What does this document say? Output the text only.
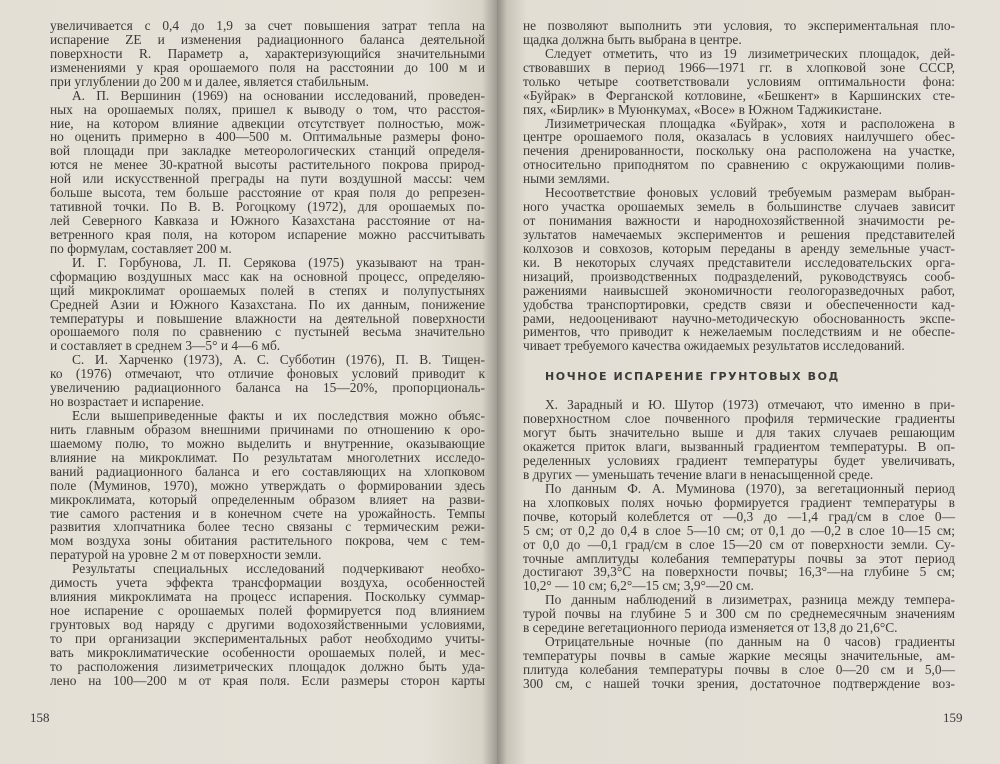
увеличивается с 0,4 до 1,9 за счет повышения затрат тепла на
испарение ZE и изменения радиационного баланса деятельной
поверхности R. Параметр a, характеризующийся значительными
изменениями у края орошаемого поля на расстоянии до 100 м и
при углублении до 200 м и далее, является стабильным.
А. П. Вершинин (1969) на основании исследований, проведен-
ных на орошаемых полях, пришел к выводу о том, что расстоя-
ние, на котором влияние адвекции отсутствует полностью, мож-
но оценить примерно в 400—500 м. Оптимальные размеры фоно-
вой площади при закладке метеорологических станций определя-
ются не менее 30-кратной высоты растительного покрова природ-
ной или искусственной преграды на пути воздушной массы: чем
больше высота, тем больше расстояние от края поля до репрезен-
тативной точки. По В. В. Рогоцкому (1972), для орошаемых по-
лей Северного Кавказа и Южного Казахстана расстояние от на-
ветренного края поля, на котором испарение можно рассчитывать
по формулам, составляет 200 м.
И. Г. Горбунова, Л. П. Серякова (1975) указывают на тран-
сформацию воздушных масс как на основной процесс, определяю-
щий микроклимат орошаемых полей в степях и полупустынях
Средней Азии и Южного Казахстана. По их данным, понижение
температуры и повышение влажности на деятельной поверхности
орошаемого поля по сравнению с пустыней весьма значительно
и составляет в среднем 3—5° и 4—6 мб.
С. И. Харченко (1973), А. С. Субботин (1976), П. В. Тищен-
ко (1976) отмечают, что отличие фоновых условий приводит к
увеличению радиационного баланса на 15—20%, пропорциональ-
но возрастает и испарение.
Если вышеприведенные факты и их последствия можно объяс-
нить главным образом внешними причинами по отношению к оро-
шаемому полю, то можно выделить и внутренние, оказывающие
влияние на микроклимат. По результатам многолетних исследо-
ваний радиационного баланса и его составляющих на хлопковом
поле (Муминов, 1970), можно утверждать о формировании здесь
микроклимата, который определенным образом влияет на разви-
тие самого растения и в конечном счете на урожайность. Темпы
развития хлопчатника более тесно связаны с термическим режи-
мом воздуха зоны обитания растительного покрова, чем с тем-
пературой на уровне 2 м от поверхности земли.
Результаты специальных исследований подчеркивают необхо-
димость учета эффекта трансформации воздуха, особенностей
влияния микроклимата на процесс испарения. Поскольку суммар-
ное испарение с орошаемых полей формируется под влиянием
грунтовых вод наряду с другими водохозяйственными условиями,
то при организации экспериментальных работ необходимо учиты-
вать микроклиматические особенности орошаемых полей, и мес-
то расположения лизиметрических площадок должно быть уда-
лено на 100—200 м от края поля. Если размеры сторон карты
158
не позволяют выполнить эти условия, то экспериментальная пло-
щадка должна быть выбрана в центре.
Следует отметить, что из 19 лизиметрических площадок, дей-
ствовавших в период 1966—1971 гг. в хлопковой зоне СССР,
только четыре соответствовали условиям оптимальности фона:
«Буйрак» в Ферганской котловине, «Бешкент» в Каршинских сте-
пях, «Бирлик» в Муюнкумах, «Восе» в Южном Таджикистане.
Лизиметрическая площадка «Буйрак», хотя и расположена в
центре орошаемого поля, оказалась в условиях наилучшего обес-
печения дренированности, поскольку она расположена на участке,
относительно приподнятом по сравнению с окружающими полив-
ными землями.
Несоответствие фоновых условий требуемым размерам выбран-
ного участка орошаемых земель в большинстве случаев зависит
от понимания важности и народнохозяйственной значимости ре-
зультатов намечаемых экспериментов и решения представителей
колхозов и совхозов, которым переданы в аренду земельные участ-
ки. В некоторых случаях представители исследовательских орга-
низаций, производственных подразделений, руководствуясь сооб-
ражениями наивысшей экономичности геологоразведочных работ,
удобства транспортировки, средств связи и обеспеченности кад-
рами, недооценивают научно-методическую обоснованность экспе-
риментов, что приводит к нежелаемым последствиям и не обеспе-
чивает требуемого качества ожидаемых результатов исследований.
НОЧНОЕ ИСПАРЕНИЕ ГРУНТОВЫХ ВОД
Х. Зарадный и Ю. Шутор (1973) отмечают, что именно в при-
поверхностном слое почвенного профиля термические градиенты
могут быть значительно выше и для таких случаев решающим
окажется приток влаги, вызванный градиентом температуры. В оп-
ределенных условиях градиент температуры будет увеличивать,
в других — уменьшать течение влаги в ненасыщенной среде.
По данным Ф. А. Муминова (1970), за вегетационный период
на хлопковых полях ночью формируется градиент температуры в
почве, который колеблется от —0,3 до —1,4 град/см в слое 0—
5 см; от 0,2 до 0,4 в слое 5—10 см; от 0,1 до —0,2 в слое 10—15 см;
от 0,0 до —0,1 град/см в слое 15—20 см от поверхности земли. Су-
точные амплитуды колебания температуры почвы за этот период
достигают 39,3°С на поверхности почвы; 16,3°—на глубине 5 см;
10,2° — 10 см; 6,2°—15 см; 3,9°—20 см.
По данным наблюдений в лизиметрах, разница между темпера-
турой почвы на глубине 5 и 300 см по среднемесячным значениям
в середине вегетационного периода изменяется от 13,8 до 21,6°С.
Отрицательные ночные (по данным на 0 часов) градиенты
температуры почвы в самые жаркие месяцы значительные, ам-
плитуда колебания температуры почвы в слое 0—20 см и 5,0—
300 см, с нашей точки зрения, достаточное подтверждение воз-
159
